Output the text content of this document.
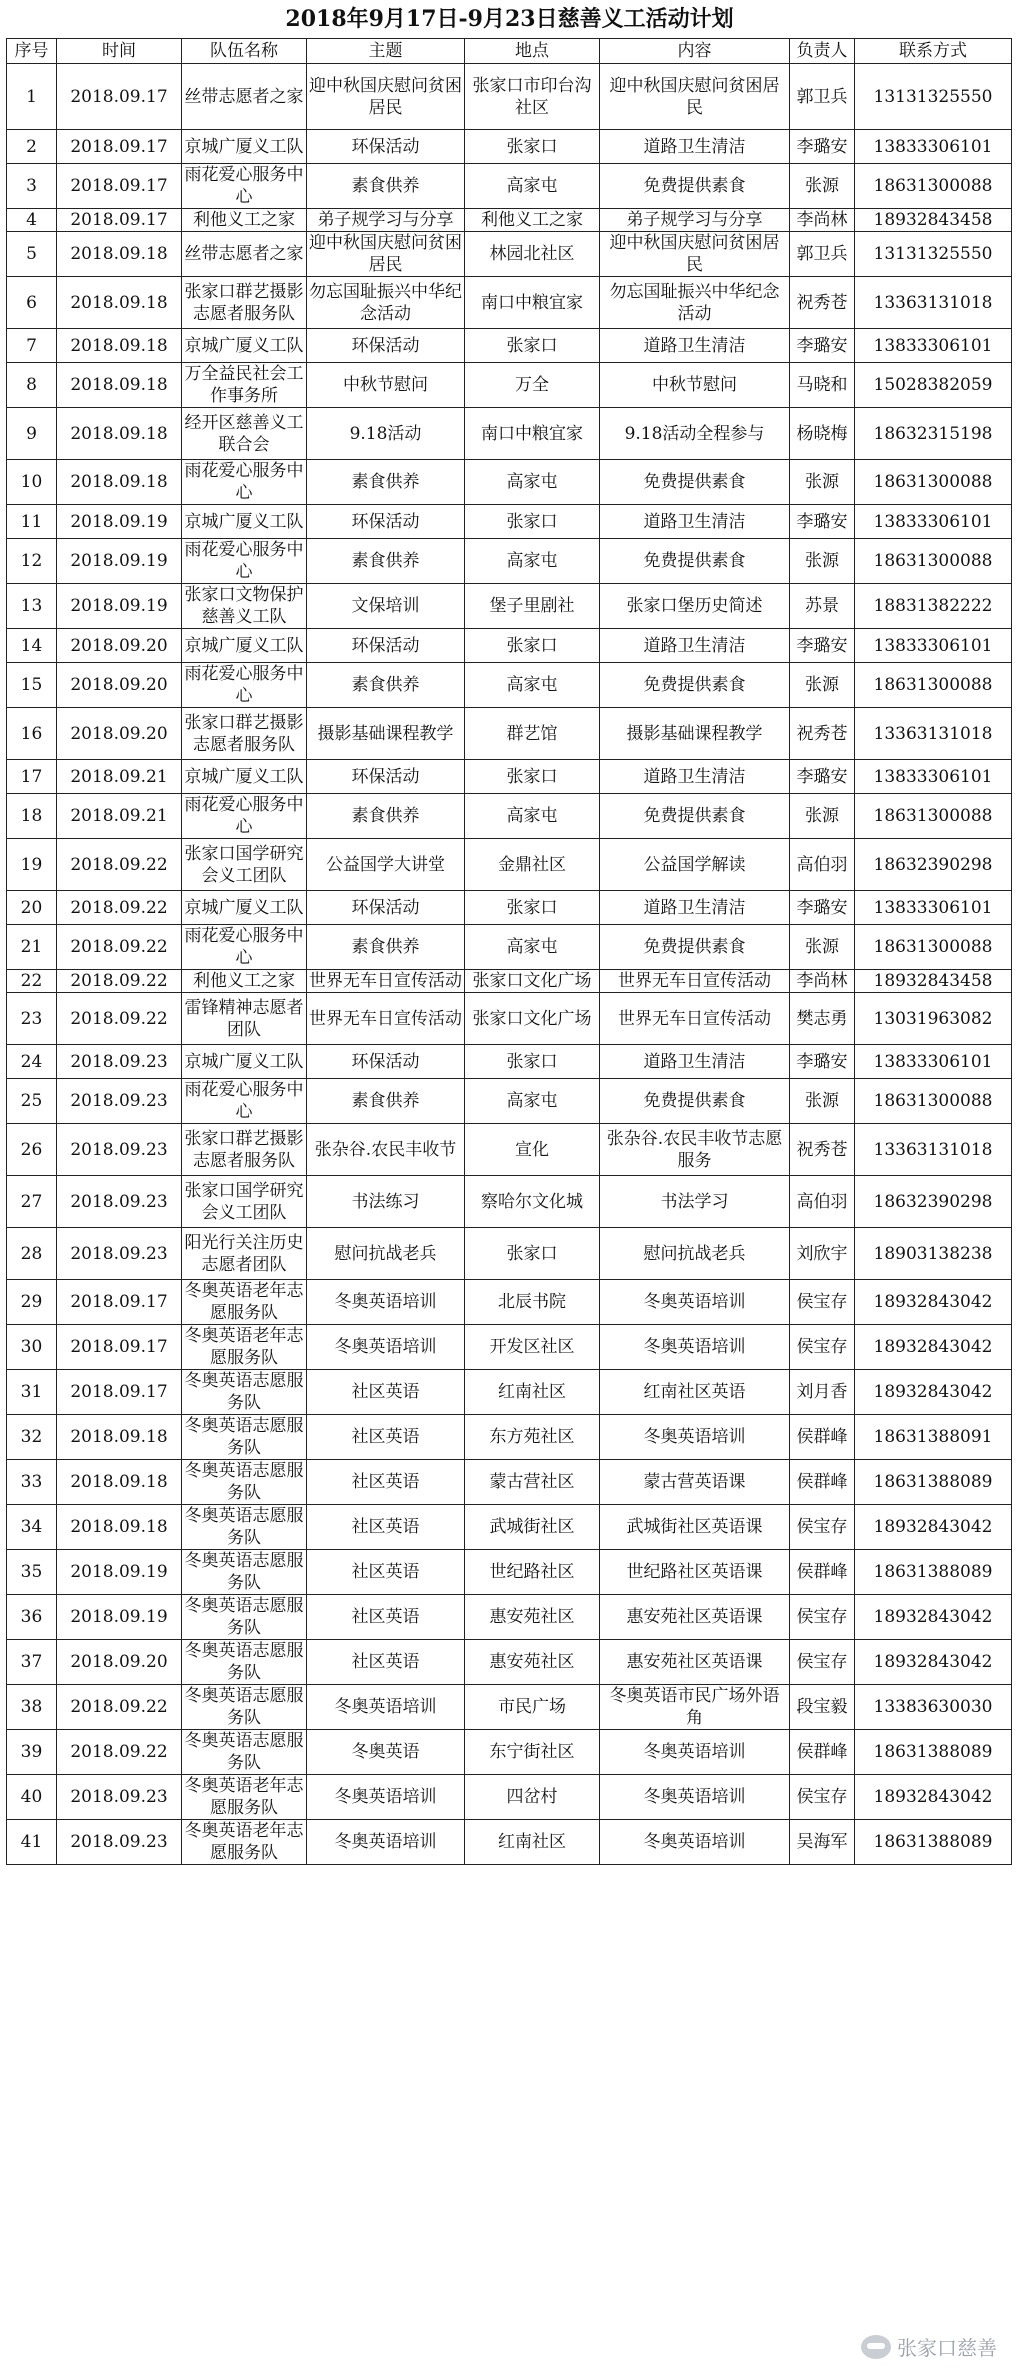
2018年9月17日-9月23日慈善义工活动计划
序号	时间	队伍名称	主题	地点	内容	负责人	联系方式
1	2018.09.17	丝带志愿者之家	迎中秋国庆慰问贫困居民	张家口市印台沟社区	迎中秋国庆慰问贫困居民	郭卫兵	13131325550
2	2018.09.17	京城广厦义工队	环保活动	张家口	道路卫生清洁	李璐安	13833306101
3	2018.09.17	雨花爱心服务中心	素食供养	高家屯	免费提供素食	张源	18631300088
4	2018.09.17	利他义工之家	弟子规学习与分享	利他义工之家	弟子规学习与分享	李尚林	18932843458
5	2018.09.18	丝带志愿者之家	迎中秋国庆慰问贫困居民	林园北社区	迎中秋国庆慰问贫困居民	郭卫兵	13131325550
6	2018.09.18	张家口群艺摄影志愿者服务队	勿忘国耻振兴中华纪念活动	南口中粮宜家	勿忘国耻振兴中华纪念活动	祝秀苍	13363131018
7	2018.09.18	京城广厦义工队	环保活动	张家口	道路卫生清洁	李璐安	13833306101
8	2018.09.18	万全益民社会工作事务所	中秋节慰问	万全	中秋节慰问	马晓和	15028382059
9	2018.09.18	经开区慈善义工联合会	9.18活动	南口中粮宜家	9.18活动全程参与	杨晓梅	18632315198
10	2018.09.18	雨花爱心服务中心	素食供养	高家屯	免费提供素食	张源	18631300088
11	2018.09.19	京城广厦义工队	环保活动	张家口	道路卫生清洁	李璐安	13833306101
12	2018.09.19	雨花爱心服务中心	素食供养	高家屯	免费提供素食	张源	18631300088
13	2018.09.19	张家口文物保护慈善义工队	文保培训	堡子里剧社	张家口堡历史简述	苏景	18831382222
14	2018.09.20	京城广厦义工队	环保活动	张家口	道路卫生清洁	李璐安	13833306101
15	2018.09.20	雨花爱心服务中心	素食供养	高家屯	免费提供素食	张源	18631300088
16	2018.09.20	张家口群艺摄影志愿者服务队	摄影基础课程教学	群艺馆	摄影基础课程教学	祝秀苍	13363131018
17	2018.09.21	京城广厦义工队	环保活动	张家口	道路卫生清洁	李璐安	13833306101
18	2018.09.21	雨花爱心服务中心	素食供养	高家屯	免费提供素食	张源	18631300088
19	2018.09.22	张家口国学研究会义工团队	公益国学大讲堂	金鼎社区	公益国学解读	高伯羽	18632390298
20	2018.09.22	京城广厦义工队	环保活动	张家口	道路卫生清洁	李璐安	13833306101
21	2018.09.22	雨花爱心服务中心	素食供养	高家屯	免费提供素食	张源	18631300088
22	2018.09.22	利他义工之家	世界无车日宣传活动	张家口文化广场	世界无车日宣传活动	李尚林	18932843458
23	2018.09.22	雷锋精神志愿者团队	世界无车日宣传活动	张家口文化广场	世界无车日宣传活动	樊志勇	13031963082
24	2018.09.23	京城广厦义工队	环保活动	张家口	道路卫生清洁	李璐安	13833306101
25	2018.09.23	雨花爱心服务中心	素食供养	高家屯	免费提供素食	张源	18631300088
26	2018.09.23	张家口群艺摄影志愿者服务队	张杂谷.农民丰收节	宣化	张杂谷.农民丰收节志愿服务	祝秀苍	13363131018
27	2018.09.23	张家口国学研究会义工团队	书法练习	察哈尔文化城	书法学习	高伯羽	18632390298
28	2018.09.23	阳光行关注历史志愿者团队	慰问抗战老兵	张家口	慰问抗战老兵	刘欣宇	18903138238
29	2018.09.17	冬奥英语老年志愿服务队	冬奥英语培训	北辰书院	冬奥英语培训	侯宝存	18932843042
30	2018.09.17	冬奥英语老年志愿服务队	冬奥英语培训	开发区社区	冬奥英语培训	侯宝存	18932843042
31	2018.09.17	冬奥英语志愿服务队	社区英语	红南社区	红南社区英语	刘月香	18932843042
32	2018.09.18	冬奥英语志愿服务队	社区英语	东方苑社区	冬奥英语培训	侯群峰	18631388091
33	2018.09.18	冬奥英语志愿服务队	社区英语	蒙古营社区	蒙古营英语课	侯群峰	18631388089
34	2018.09.18	冬奥英语志愿服务队	社区英语	武城街社区	武城街社区英语课	侯宝存	18932843042
35	2018.09.19	冬奥英语志愿服务队	社区英语	世纪路社区	世纪路社区英语课	侯群峰	18631388089
36	2018.09.19	冬奥英语志愿服务队	社区英语	惠安苑社区	惠安苑社区英语课	侯宝存	18932843042
37	2018.09.20	冬奥英语志愿服务队	社区英语	惠安苑社区	惠安苑社区英语课	侯宝存	18932843042
38	2018.09.22	冬奥英语志愿服务队	冬奥英语培训	市民广场	冬奥英语市民广场外语角	段宝毅	13383630030
39	2018.09.22	冬奥英语志愿服务队	冬奥英语	东宁街社区	冬奥英语培训	侯群峰	18631388089
40	2018.09.23	冬奥英语老年志愿服务队	冬奥英语培训	四岔村	冬奥英语培训	侯宝存	18932843042
41	2018.09.23	冬奥英语老年志愿服务队	冬奥英语培训	红南社区	冬奥英语培训	吴海军	18631388089
张家口慈善
